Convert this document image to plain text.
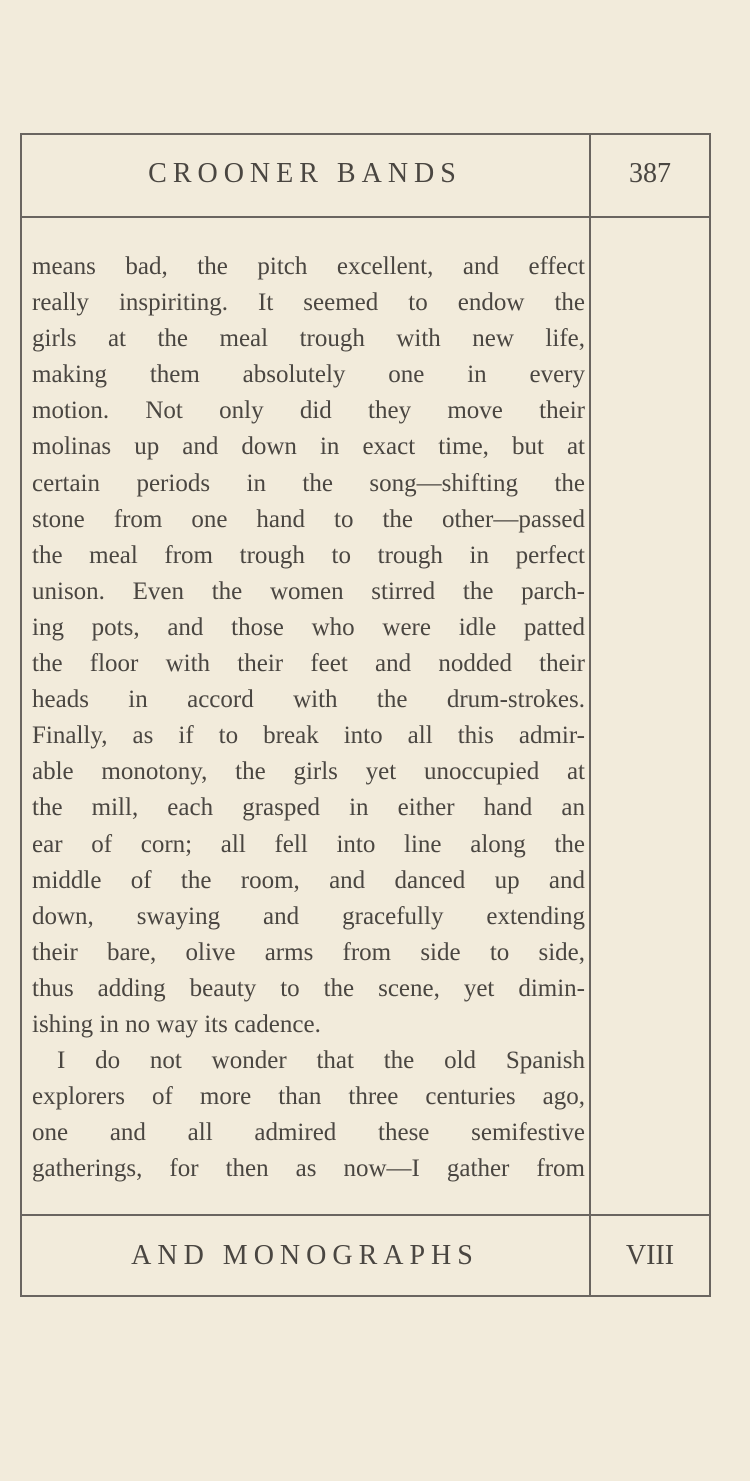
CROONER BANDS	387
means bad, the pitch excellent, and effect
really inspiriting. It seemed to endow the
girls at the meal trough with new life,
making them absolutely one in every
motion. Not only did they move their
molinas up and down in exact time, but at
certain periods in the song—shifting the
stone from one hand to the other—passed
the meal from trough to trough in perfect
unison. Even the women stirred the parch-
ing pots, and those who were idle patted
the floor with their feet and nodded their
heads in accord with the drum-strokes.
Finally, as if to break into all this admir-
able monotony, the girls yet unoccupied at
the mill, each grasped in either hand an
ear of corn; all fell into line along the
middle of the room, and danced up and
down, swaying and gracefully extending
their bare, olive arms from side to side,
thus adding beauty to the scene, yet dimin-
ishing in no way its cadence.
I do not wonder that the old Spanish
explorers of more than three centuries ago,
one and all admired these semifestive
gatherings, for then as now—I gather from
AND MONOGRAPHS	VIII
